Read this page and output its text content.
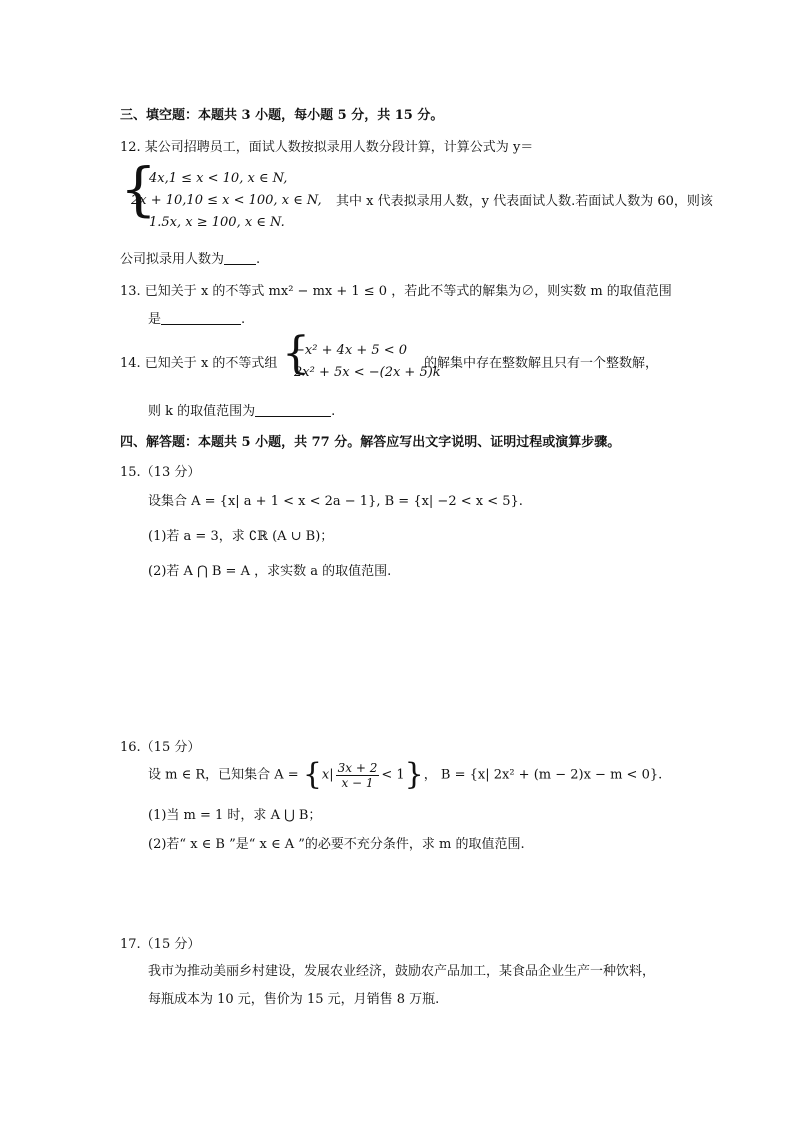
三、填空题：本题共 3 小题，每小题 5 分，共 15 分。
12. 某公司招聘员工，面试人数按拟录用人数分段计算，计算公式为 y＝
{
4x,1 ≤ x < 10, x ∈ N,
2x + 10,10 ≤ x < 100, x ∈ N,
1.5x, x ≥ 100, x ∈ N.
其中 x 代表拟录用人数，y 代表面试人数.若面试人数为 60，则该
公司拟录用人数为 .
13. 已知关于 x 的不等式 mx² − mx + 1 ≤ 0 ，若此不等式的解集为∅，则实数 m 的取值范围
是	.
14. 已知关于 x 的不等式组 {
−x² + 4x + 5 < 0
2x² + 5x < −(2x + 5)k
的解集中存在整数解且只有一个整数解，
则 k 的取值范围为	.
四、解答题：本题共 5 小题，共 77 分。解答应写出文字说明、证明过程或演算步骤。
15.（13 分）
设集合 A = {x| a + 1 < x < 2a − 1}, B = {x| −2 < x < 5}.
(1)若 a = 3，求 ∁ℝ (A ∪ B)；
(2)若 A ⋂ B = A ，求实数 a 的取值范围.
16.（15 分）
设 m ∈ R，已知集合 $A = \{x| \frac{3x + 2}{x - 1} < 1\}$， B = {x| 2x² + (m − 2)x − m < 0}.
(1)当 m = 1 时，求 A ⋃ B；
(2)若“ x ∈ B ”是“ x ∈ A ”的必要不充分条件，求 m 的取值范围.
17.（15 分）
我市为推动美丽乡村建设，发展农业经济，鼓励农产品加工，某食品企业生产一种饮料，
每瓶成本为 10 元，售价为 15 元，月销售 8 万瓶.
